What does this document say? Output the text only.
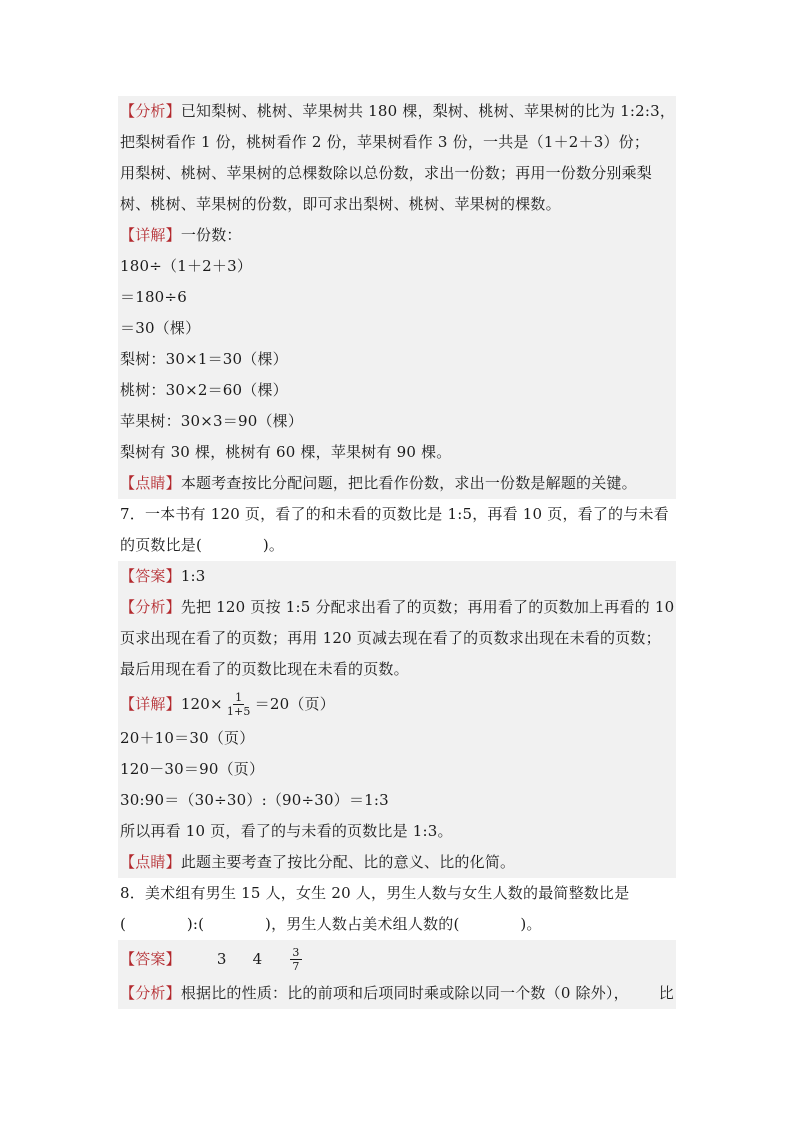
【分析】已知梨树、桃树、苹果树共 180 棵，梨树、桃树、苹果树的比为 1:2:3，
把梨树看作 1 份，桃树看作 2 份，苹果树看作 3 份，一共是（1＋2＋3）份；
用梨树、桃树、苹果树的总棵数除以总份数，求出一份数；再用一份数分别乘梨
树、桃树、苹果树的份数，即可求出梨树、桃树、苹果树的棵数。
【详解】一份数：
180÷（1＋2＋3）
＝180÷6
＝30（棵）
梨树：30×1＝30（棵）
桃树：30×2＝60（棵）
苹果树：30×3＝90（棵）
梨树有 30 棵，桃树有 60 棵，苹果树有 90 棵。
【点睛】本题考查按比分配问题，把比看作份数，求出一份数是解题的关键。
7．一本书有 120 页，看了的和未看的页数比是 1:5，再看 10 页，看了的与未看
的页数比是(　　　　)。
【答案】1:3
【分析】先把 120 页按 1:5 分配求出看了的页数；再用看了的页数加上再看的 10
页求出现在看了的页数；再用 120 页减去现在看了的页数求出现在未看的页数；
最后用现在看了的页数比现在未看的页数。
【详解】 $120\times \frac{1}{1+5} =20$（页）
20＋10＝30（页）
120－30＝90（页）
30:90＝（30÷30）:（90÷30）＝1:3
所以再看 10 页，看了的与未看的页数比是 1:3。
【点睛】此题主要考查了按比分配、比的意义、比的化简。
8．美术组有男生 15 人，女生 20 人，男生人数与女生人数的最简整数比是
(　　　　):(　　　　)，男生人数占美术组人数的(　　　　)。
【答案】 3 4	$\frac{3}{7}$
【分析】根据比的性质：比的前项和后项同时乘或除以同一个数（0 除外）， 比
